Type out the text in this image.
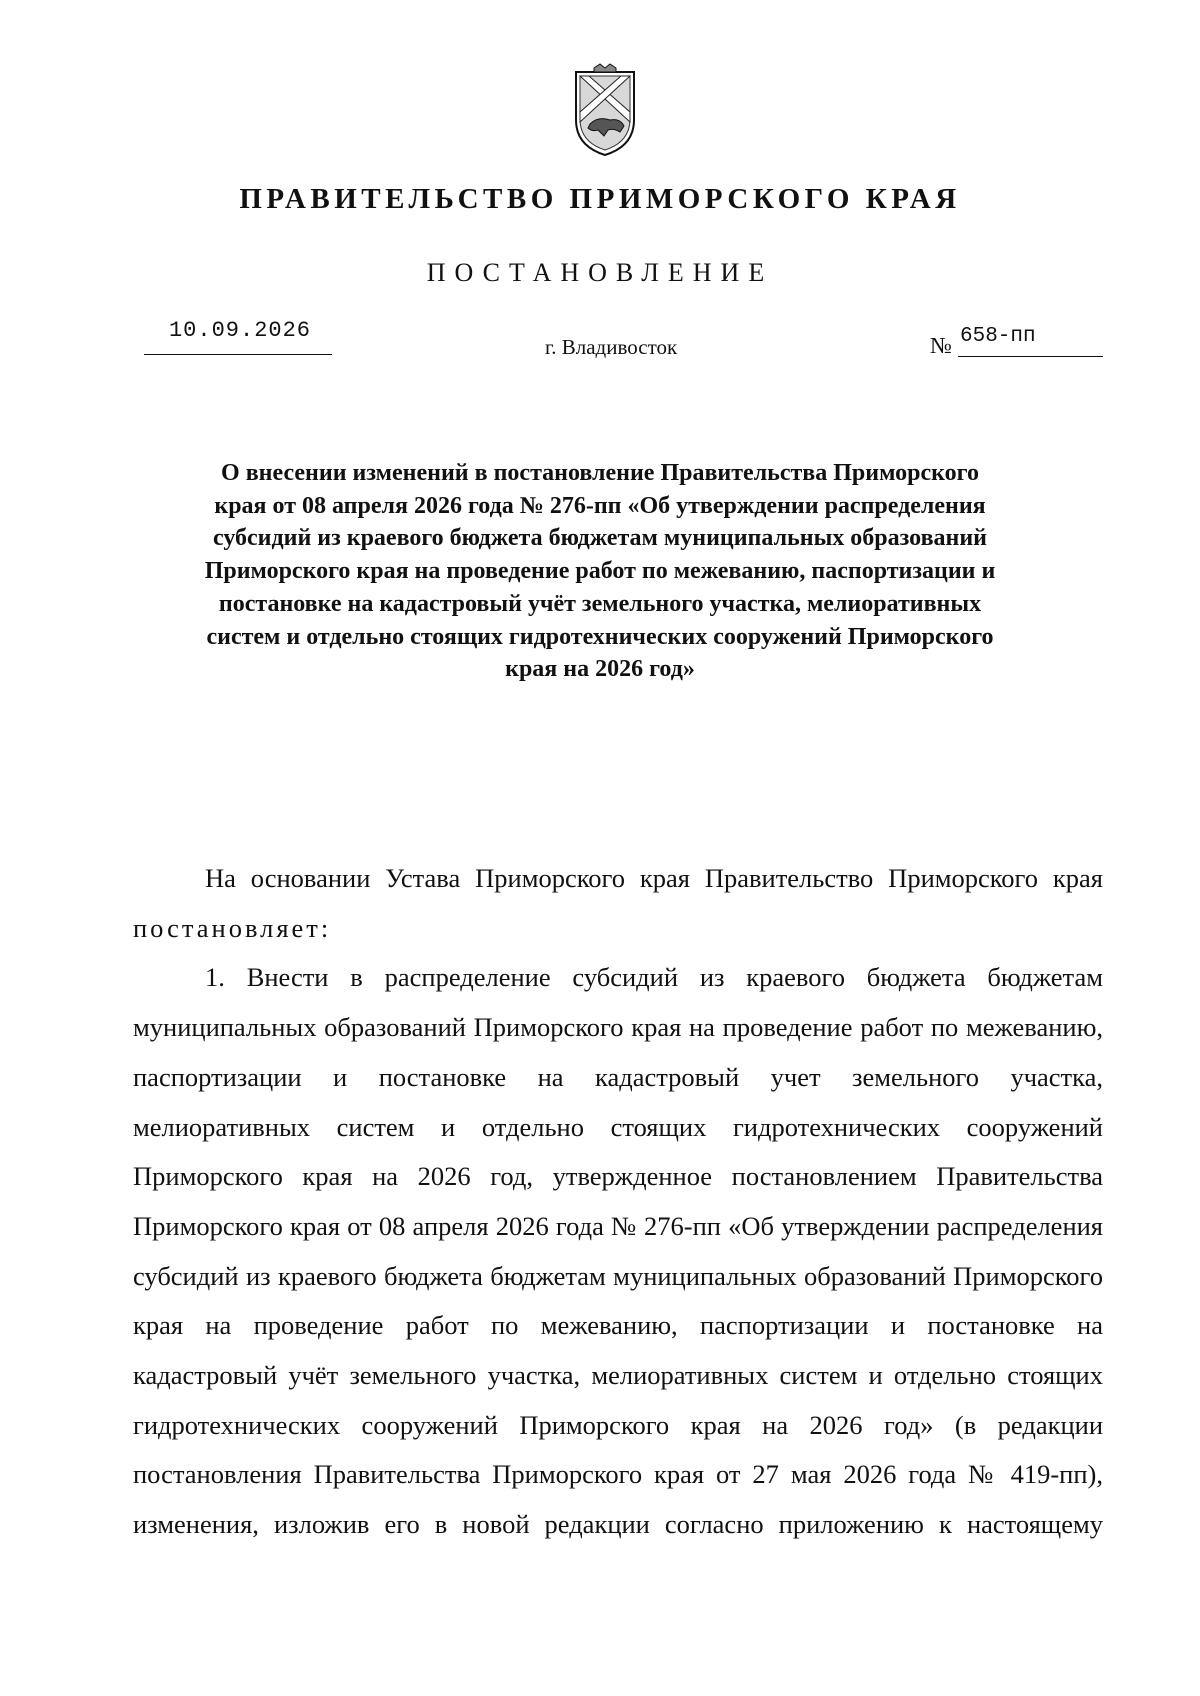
ПРАВИТЕЛЬСТВО ПРИМОРСКОГО КРАЯ
ПОСТАНОВЛЕНИЕ
10.09.2026
г. Владивосток	№ 658-пп

О внесении изменений в постановление Правительства Приморского края от 08 апреля 2026 года № 276-пп «Об утверждении распределения субсидий из краевого бюджета бюджетам муниципальных образований Приморского края на проведение работ по межеванию, паспортизации и постановке на кадастровый учёт земельного участка, мелиоративных систем и отдельно стоящих гидротехнических сооружений Приморского края на 2026 год»

На основании Устава Приморского края Правительство Приморского края постановляет:

1. Внести в распределение субсидий из краевого бюджета бюджетам муниципальных образований Приморского края на проведение работ по межеванию, паспортизации и постановке на кадастровый учет земельного участка, мелиоративных систем и отдельно стоящих гидротехнических сооружений Приморского края на 2026 год, утвержденное постановлением Правительства Приморского края от 08 апреля 2026 года № 276-пп «Об утверждении распределения субсидий из краевого бюджета бюджетам муниципальных образований Приморского края на проведение работ по межеванию, паспортизации и постановке на кадастровый учёт земельного участка, мелиоративных систем и отдельно стоящих гидротехнических сооружений Приморского края на 2026 год» (в редакции постановления Правительства Приморского края от 27 мая 2026 года № 419-пп), изменения, изложив его в новой редакции согласно приложению к настоящему
